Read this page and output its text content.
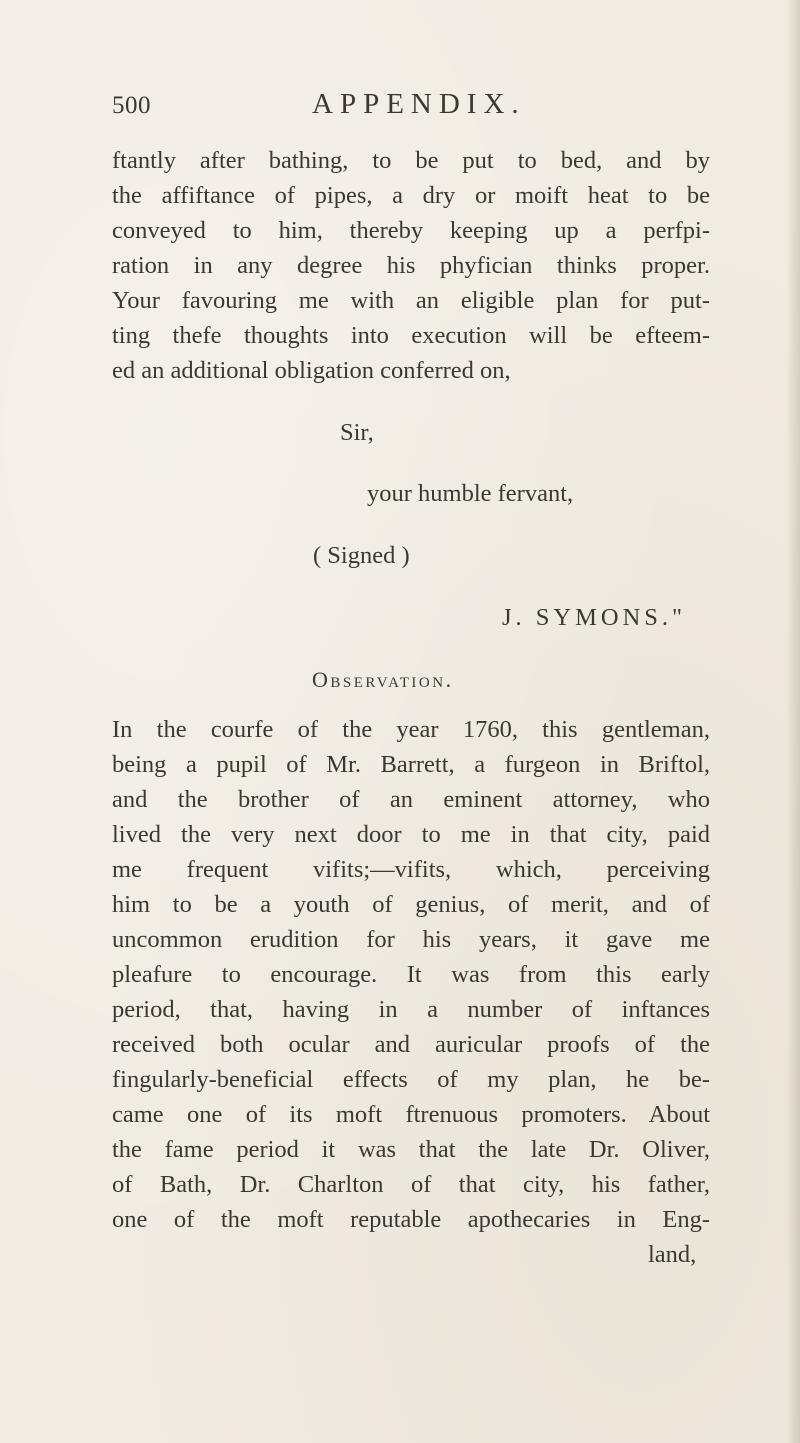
500	APPENDIX.
ftantly after bathing, to be put to bed, and by
the affiftance of pipes, a dry or moift heat to be
conveyed to him, thereby keeping up a perfpi-
ration in any degree his phyfician thinks proper.
Your favouring me with an eligible plan for put-
ting thefe thoughts into execution will be efteem-
ed an additional obligation conferred on,
Sir,
your humble fervant,
( Signed )
J. SYMONS."
Observation.
In the courfe of the year 1760, this gentleman,
being a pupil of Mr. Barrett, a furgeon in Briftol,
and the brother of an eminent attorney, who
lived the very next door to me in that city, paid
me frequent vifits;—vifits, which, perceiving
him to be a youth of genius, of merit, and of
uncommon erudition for his years, it gave me
pleafure to encourage. It was from this early
period, that, having in a number of inftances
received both ocular and auricular proofs of the
fingularly-beneficial effects of my plan, he be-
came one of its moft ftrenuous promoters. About
the fame period it was that the late Dr. Oliver,
of Bath, Dr. Charlton of that city, his father,
one of the moft reputable apothecaries in Eng-
land,
